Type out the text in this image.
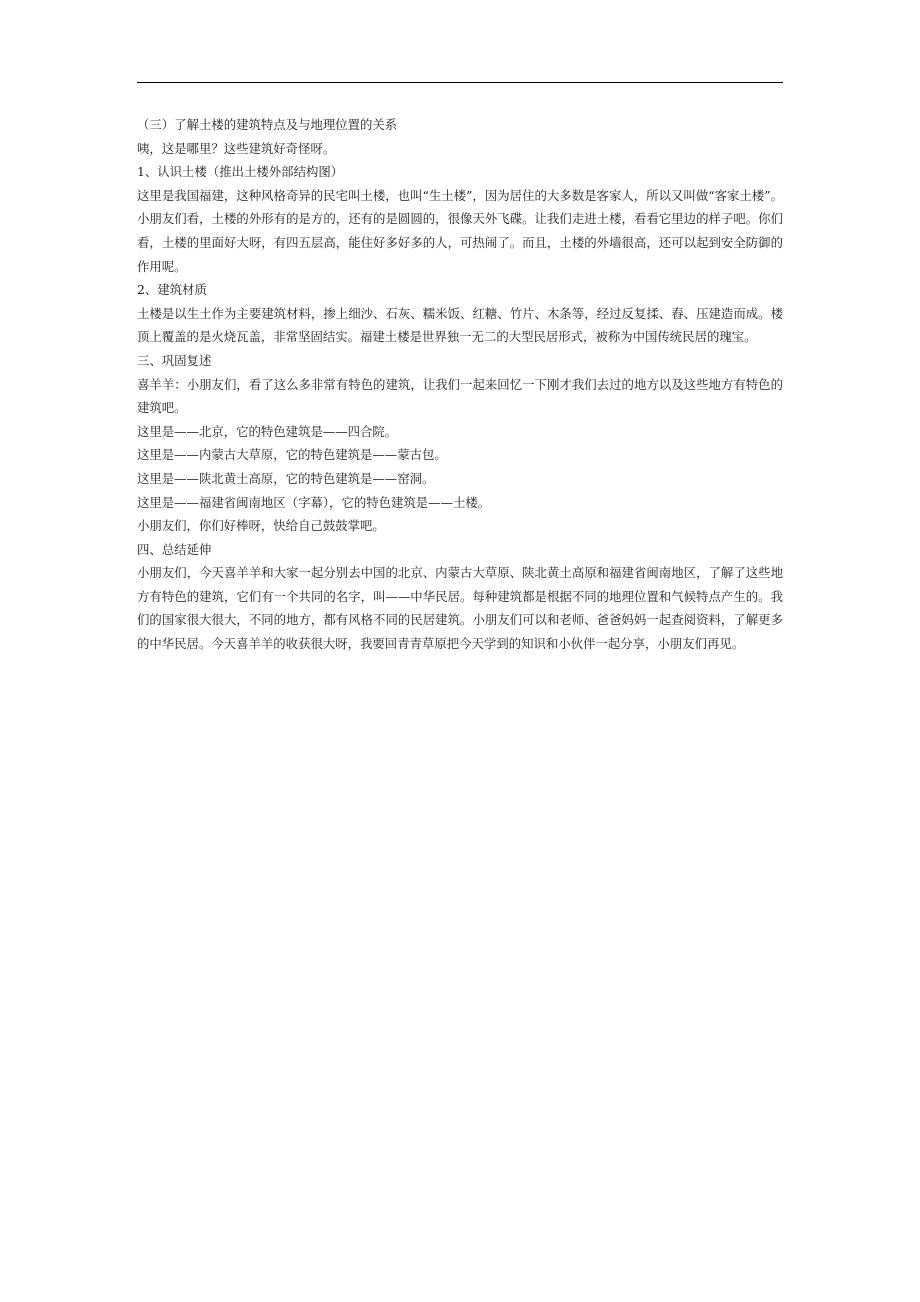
（三）了解土楼的建筑特点及与地理位置的关系

咦，这是哪里？这些建筑好奇怪呀。

1、认识土楼（推出土楼外部结构图）

这里是我国福建，这种风格奇异的民宅叫土楼，也叫“生土楼”，因为居住的大多数是客家人，所以又叫做“客家土楼”。

小朋友们看，土楼的外形有的是方的，还有的是圆圆的，很像天外飞碟。让我们走进土楼，看看它里边的样子吧。你们

看，土楼的里面好大呀，有四五层高，能住好多好多的人，可热闹了。而且，土楼的外墙很高，还可以起到安全防御的

作用呢。

2、建筑材质

土楼是以生土作为主要建筑材料，掺上细沙、石灰、糯米饭、红糖、竹片、木条等，经过反复揉、舂、压建造而成。楼

顶上覆盖的是火烧瓦盖，非常坚固结实。福建土楼是世界独一无二的大型民居形式，被称为中国传统民居的瑰宝。

三、巩固复述

喜羊羊：小朋友们，看了这么多非常有特色的建筑，让我们一起来回忆一下刚才我们去过的地方以及这些地方有特色的

建筑吧。

这里是——北京，它的特色建筑是——四合院。

这里是——内蒙古大草原，它的特色建筑是——蒙古包。

这里是——陕北黄土高原，它的特色建筑是——窑洞。

这里是——福建省闽南地区（字幕），它的特色建筑是——土楼。

小朋友们，你们好棒呀，快给自己鼓鼓掌吧。

四、总结延伸

小朋友们，今天喜羊羊和大家一起分别去中国的北京、内蒙古大草原、陕北黄土高原和福建省闽南地区，了解了这些地

方有特色的建筑，它们有一个共同的名字，叫——中华民居。每种建筑都是根据不同的地理位置和气候特点产生的。我

们的国家很大很大，不同的地方，都有风格不同的民居建筑。小朋友们可以和老师、爸爸妈妈一起查阅资料，了解更多

的中华民居。今天喜羊羊的收获很大呀，我要回青青草原把今天学到的知识和小伙伴一起分享，小朋友们再见。
